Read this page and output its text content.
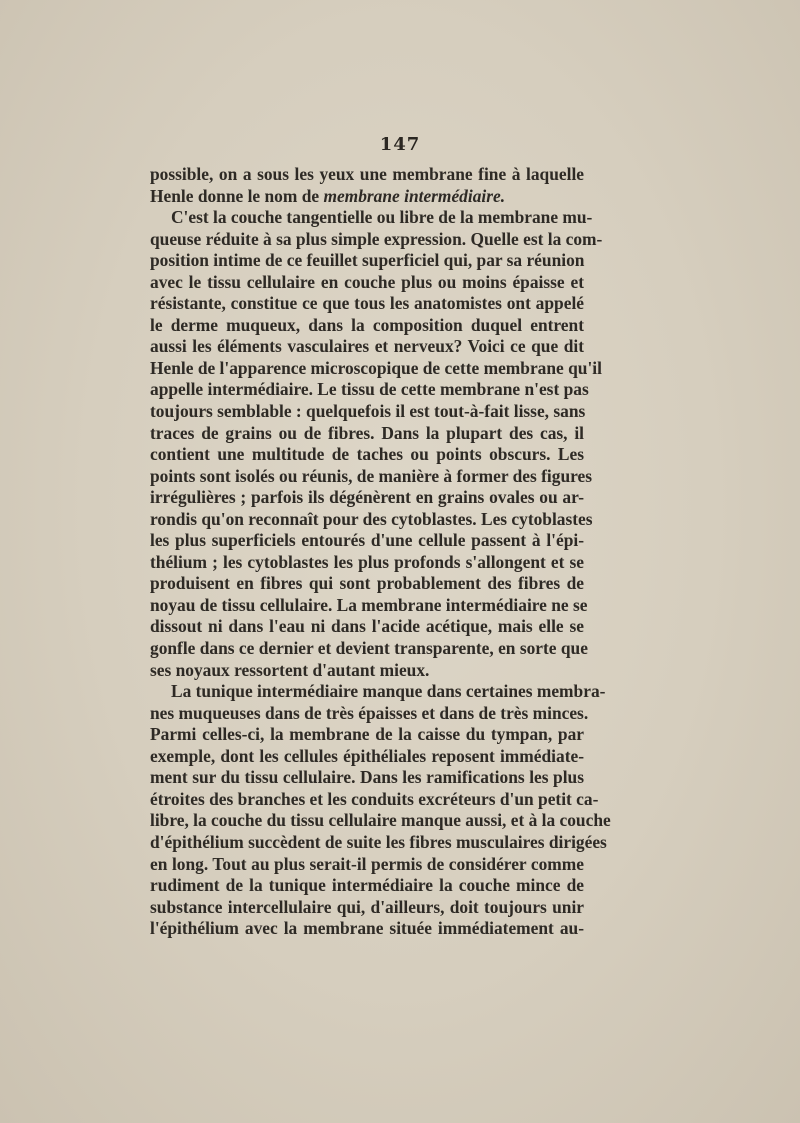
147
possible, on a sous les yeux une membrane fine à laquelle
Henle donne le nom de membrane intermédiaire.
C'est la couche tangentielle ou libre de la membrane mu-
queuse réduite à sa plus simple expression. Quelle est la com-
position intime de ce feuillet superficiel qui, par sa réunion
avec le tissu cellulaire en couche plus ou moins épaisse et
résistante, constitue ce que tous les anatomistes ont appelé
le derme muqueux, dans la composition duquel entrent
aussi les éléments vasculaires et nerveux? Voici ce que dit
Henle de l'apparence microscopique de cette membrane qu'il
appelle intermédiaire. Le tissu de cette membrane n'est pas
toujours semblable : quelquefois il est tout-à-fait lisse, sans
traces de grains ou de fibres. Dans la plupart des cas, il
contient une multitude de taches ou points obscurs. Les
points sont isolés ou réunis, de manière à former des figures
irrégulières ; parfois ils dégénèrent en grains ovales ou ar-
rondis qu'on reconnaît pour des cytoblastes. Les cytoblastes
les plus superficiels entourés d'une cellule passent à l'épi-
thélium ; les cytoblastes les plus profonds s'allongent et se
produisent en fibres qui sont probablement des fibres de
noyau de tissu cellulaire. La membrane intermédiaire ne se
dissout ni dans l'eau ni dans l'acide acétique, mais elle se
gonfle dans ce dernier et devient transparente, en sorte que
ses noyaux ressortent d'autant mieux.
La tunique intermédiaire manque dans certaines membra-
nes muqueuses dans de très épaisses et dans de très minces.
Parmi celles-ci, la membrane de la caisse du tympan, par
exemple, dont les cellules épithéliales reposent immédiate-
ment sur du tissu cellulaire. Dans les ramifications les plus
étroites des branches et les conduits excréteurs d'un petit ca-
libre, la couche du tissu cellulaire manque aussi, et à la couche
d'épithélium succèdent de suite les fibres musculaires dirigées
en long. Tout au plus serait-il permis de considérer comme
rudiment de la tunique intermédiaire la couche mince de
substance intercellulaire qui, d'ailleurs, doit toujours unir
l'épithélium avec la membrane située immédiatement au-
